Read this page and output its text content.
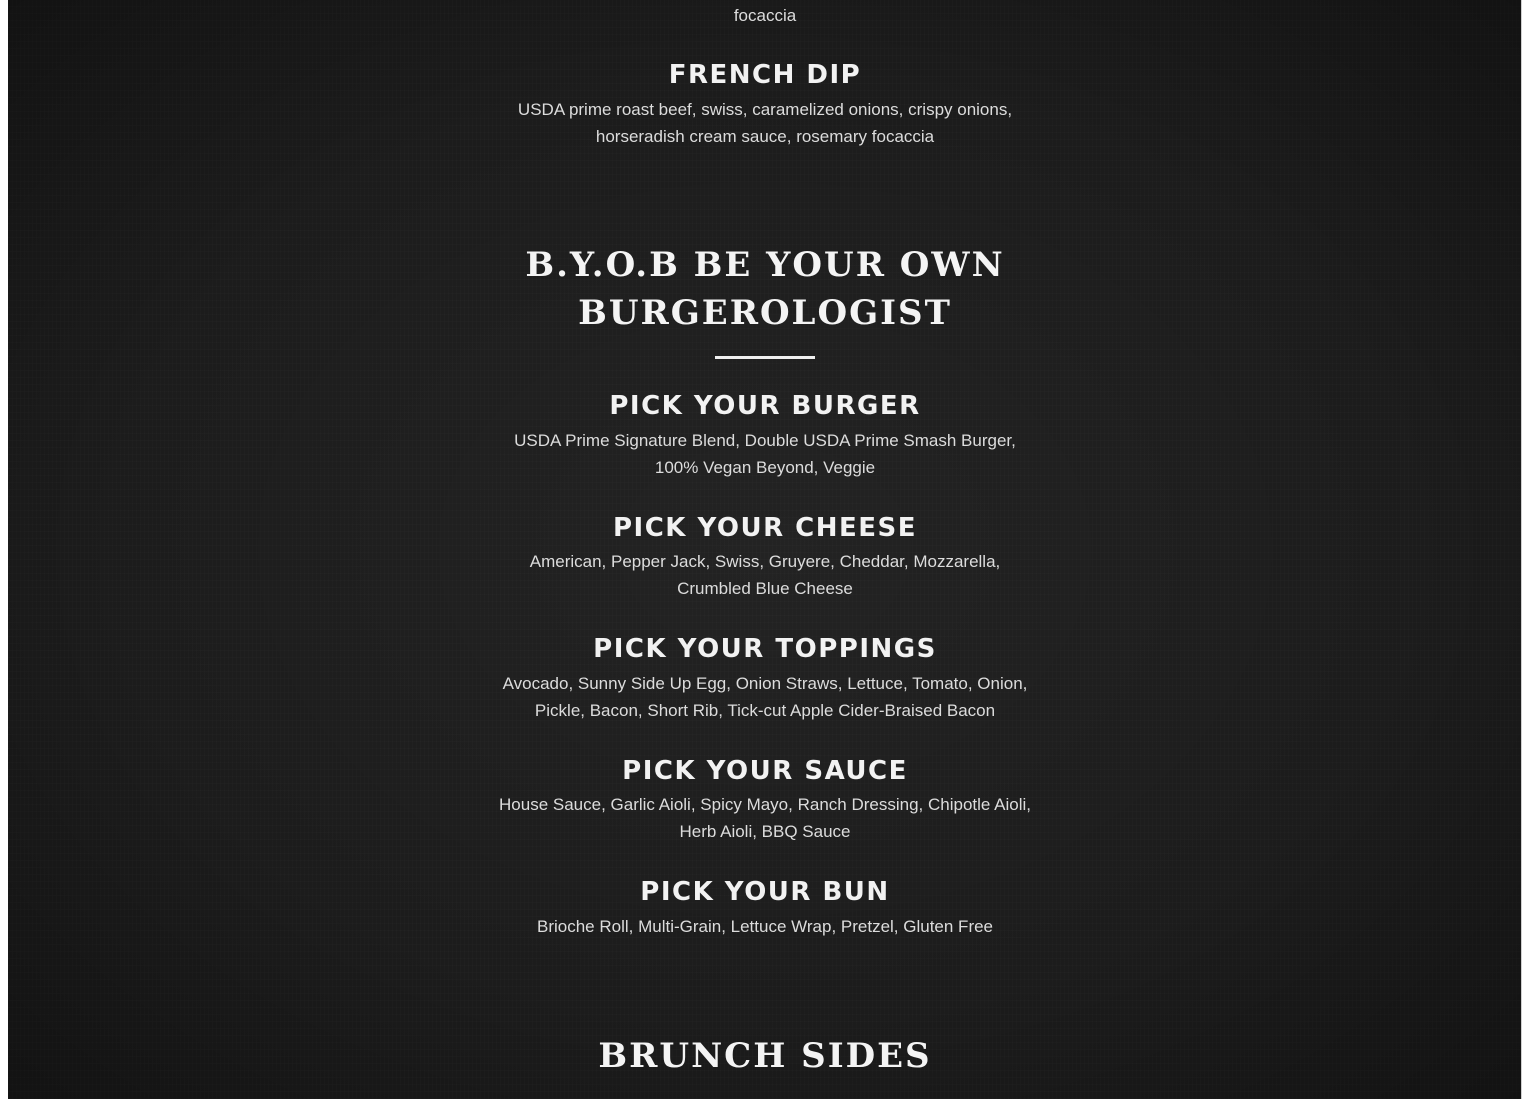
focaccia

FRENCH DIP

USDA prime roast beef, swiss, caramelized onions, crispy onions,
horseradish cream sauce, rosemary focaccia

B.Y.O.B BE YOUR OWN
BURGEROLOGIST
PICK YOUR BURGER

USDA Prime Signature Blend, Double USDA Prime Smash Burger,
100% Vegan Beyond, Veggie

PICK YOUR CHEESE

American, Pepper Jack, Swiss, Gruyere, Cheddar, Mozzarella,
Crumbled Blue Cheese

PICK YOUR TOPPINGS

Avocado, Sunny Side Up Egg, Onion Straws, Lettuce, Tomato, Onion,
Pickle, Bacon, Short Rib, Tick-cut Apple Cider-Braised Bacon

PICK YOUR SAUCE

House Sauce, Garlic Aioli, Spicy Mayo, Ranch Dressing, Chipotle Aioli,
Herb Aioli, BBQ Sauce

PICK YOUR BUN

Brioche Roll, Multi-Grain, Lettuce Wrap, Pretzel, Gluten Free

BRUNCH SIDES
